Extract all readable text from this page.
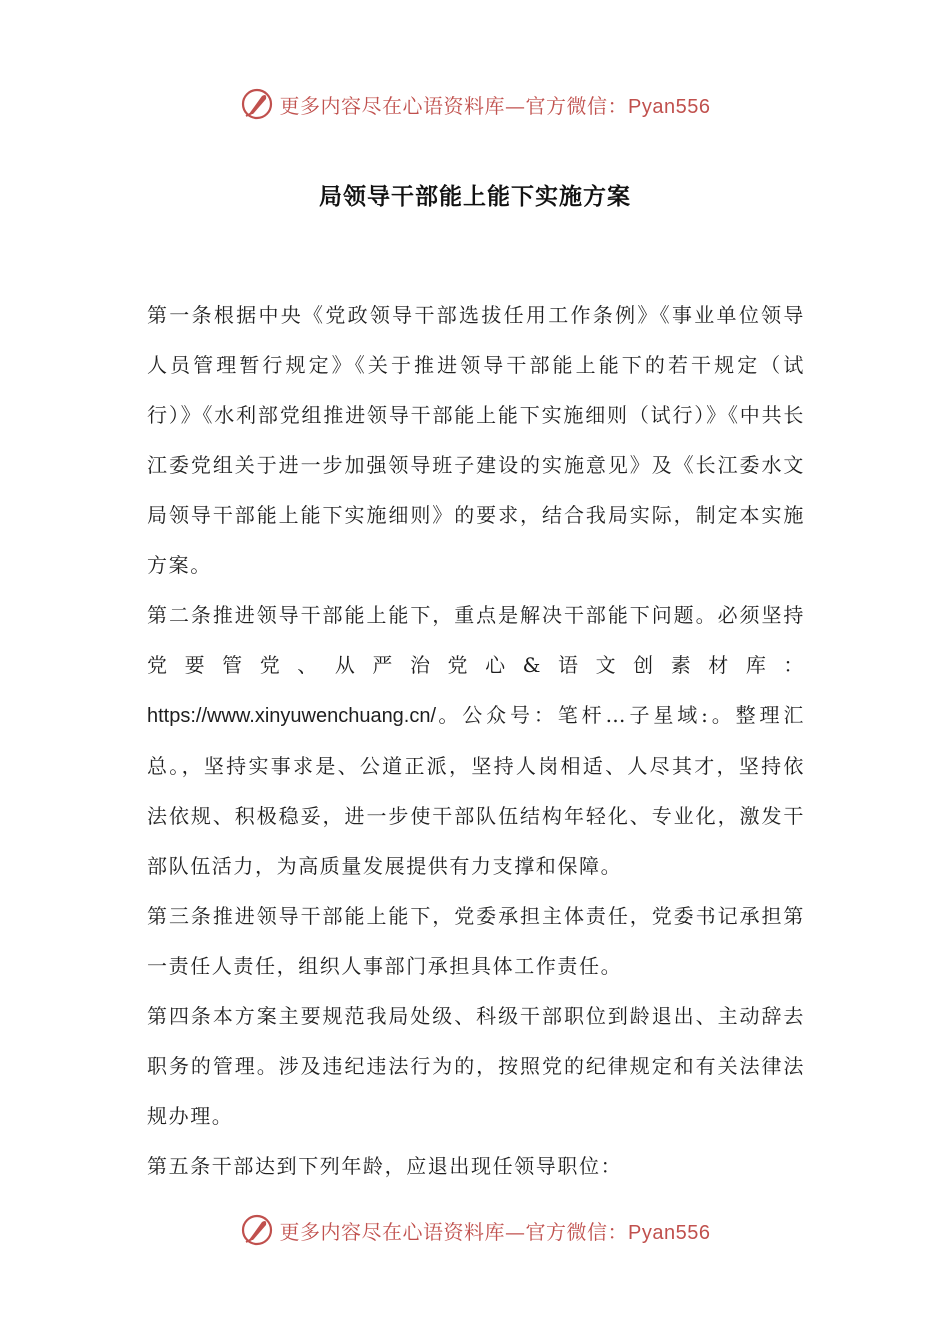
更多内容尽在心语资料库—官方微信：Pyan556
局领导干部能上能下实施方案

第一条根据中央《党政领导干部选拔任用工作条例》《事业单位领导人员管理暂行规定》《关于推进领导干部能上能下的若干规定（试行）》《水利部党组推进领导干部能上能下实施细则（试行）》《中共长江委党组关于进一步加强领导班子建设的实施意见》及《长江委水文局领导干部能上能下实施细则》的要求，结合我局实际，制定本实施方案。

第二条推进领导干部能上能下，重点是解决干部能下问题。必须坚持党要管党、从严治党心&语文创素材库：https://www.xinyuwenchuang.cn/。公众号：笔杆…子星域:。整理汇总。，坚持实事求是、公道正派，坚持人岗相适、人尽其才，坚持依法依规、积极稳妥，进一步使干部队伍结构年轻化、专业化，激发干部队伍活力，为高质量发展提供有力支撑和保障。

第三条推进领导干部能上能下，党委承担主体责任，党委书记承担第一责任人责任，组织人事部门承担具体工作责任。

第四条本方案主要规范我局处级、科级干部职位到龄退出、主动辞去职务的管理。涉及违纪违法行为的，按照党的纪律规定和有关法律法规办理。

第五条干部达到下列年龄，应退出现任领导职位：

更多内容尽在心语资料库—官方微信：Pyan556
